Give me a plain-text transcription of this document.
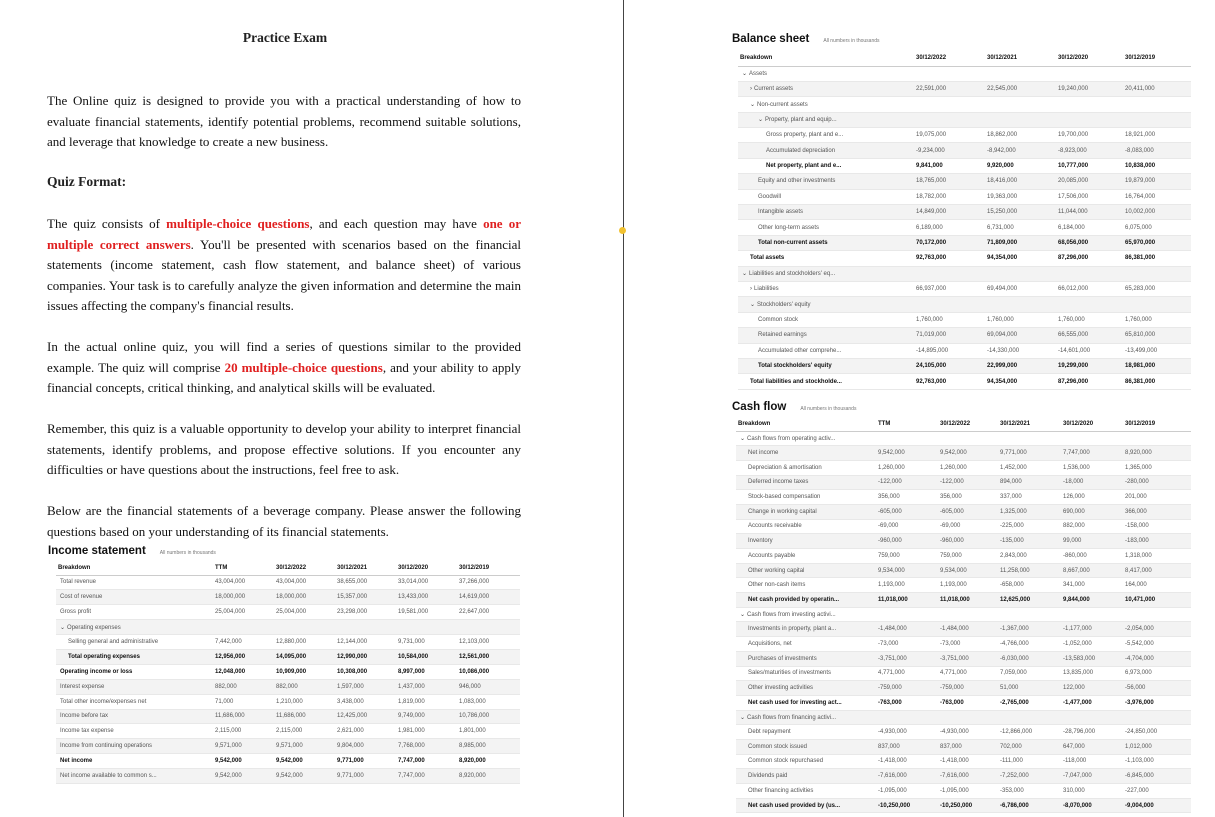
Practice Exam
The Online quiz is designed to provide you with a practical understanding of how to evaluate financial statements, identify potential problems, recommend suitable solutions, and leverage that knowledge to create a new business.
Quiz Format:
The quiz consists of multiple-choice questions, and each question may have one or multiple correct answers. You'll be presented with scenarios based on the financial statements (income statement, cash flow statement, and balance sheet) of various companies. Your task is to carefully analyze the given information and determine the main issues affecting the company's financial results.
In the actual online quiz, you will find a series of questions similar to the provided example. The quiz will comprise 20 multiple-choice questions, and your ability to apply financial concepts, critical thinking, and analytical skills will be evaluated.
Remember, this quiz is a valuable opportunity to develop your ability to interpret financial statements, identify problems, and propose effective solutions. If you encounter any difficulties or have questions about the instructions, feel free to ask.
Below are the financial statements of a beverage company. Please answer the following questions based on your understanding of its financial statements.
Income statement	All numbers in thousands
Breakdown	TTM	30/12/2022	30/12/2021	30/12/2020	30/12/2019
Total revenue	43,004,000	43,004,000	38,655,000	33,014,000	37,266,000
Cost of revenue	18,000,000	18,000,000	15,357,000	13,433,000	14,619,000
Gross profit	25,004,000	25,004,000	23,298,000	19,581,000	22,647,000
⌄ Operating expenses					
Selling general and administrative	7,442,000	12,880,000	12,144,000	9,731,000	12,103,000
Total operating expenses	12,956,000	14,095,000	12,990,000	10,584,000	12,561,000
Operating income or loss	12,048,000	10,909,000	10,308,000	8,997,000	10,086,000
Interest expense	882,000	882,000	1,597,000	1,437,000	946,000
Total other income/expenses net	71,000	1,210,000	3,438,000	1,819,000	1,083,000
Income before tax	11,686,000	11,686,000	12,425,000	9,749,000	10,786,000
Income tax expense	2,115,000	2,115,000	2,621,000	1,981,000	1,801,000
Income from continuing operations	9,571,000	9,571,000	9,804,000	7,768,000	8,985,000
Net income	9,542,000	9,542,000	9,771,000	7,747,000	8,920,000
Net income available to common s...	9,542,000	9,542,000	9,771,000	7,747,000	8,920,000
Balance sheet	All numbers in thousands
Breakdown	30/12/2022	30/12/2021	30/12/2020	30/12/2019
⌄ Assets				
› Current assets	22,591,000	22,545,000	19,240,000	20,411,000
⌄ Non-current assets				
⌄ Property, plant and equip...				
Gross property, plant and e...	19,075,000	18,862,000	19,700,000	18,921,000
Accumulated depreciation	-9,234,000	-8,942,000	-8,923,000	-8,083,000
Net property, plant and e...	9,841,000	9,920,000	10,777,000	10,838,000
Equity and other investments	18,765,000	18,416,000	20,085,000	19,879,000
Goodwill	18,782,000	19,363,000	17,506,000	16,764,000
Intangible assets	14,849,000	15,250,000	11,044,000	10,002,000
Other long-term assets	6,189,000	6,731,000	6,184,000	6,075,000
Total non-current assets	70,172,000	71,809,000	68,056,000	65,970,000
Total assets	92,763,000	94,354,000	87,296,000	86,381,000
⌄ Liabilities and stockholders' eq...				
› Liabilities	66,937,000	69,494,000	66,012,000	65,283,000
⌄ Stockholders' equity				
Common stock	1,760,000	1,760,000	1,760,000	1,760,000
Retained earnings	71,019,000	69,094,000	66,555,000	65,810,000
Accumulated other comprehe...	-14,895,000	-14,330,000	-14,601,000	-13,499,000
Total stockholders' equity	24,105,000	22,999,000	19,299,000	18,981,000
Total liabilities and stockholde...	92,763,000	94,354,000	87,296,000	86,381,000
Cash flow	All numbers in thousands
Breakdown	TTM	30/12/2022	30/12/2021	30/12/2020	30/12/2019
⌄ Cash flows from operating activ...					
Net income	9,542,000	9,542,000	9,771,000	7,747,000	8,920,000
Depreciation & amortisation	1,260,000	1,260,000	1,452,000	1,536,000	1,365,000
Deferred income taxes	-122,000	-122,000	894,000	-18,000	-280,000
Stock-based compensation	356,000	356,000	337,000	126,000	201,000
Change in working capital	-605,000	-605,000	1,325,000	690,000	366,000
Accounts receivable	-69,000	-69,000	-225,000	882,000	-158,000
Inventory	-960,000	-960,000	-135,000	99,000	-183,000
Accounts payable	759,000	759,000	2,843,000	-860,000	1,318,000
Other working capital	9,534,000	9,534,000	11,258,000	8,667,000	8,417,000
Other non-cash items	1,193,000	1,193,000	-658,000	341,000	164,000
Net cash provided by operatin...	11,018,000	11,018,000	12,625,000	9,844,000	10,471,000
⌄ Cash flows from investing activi...					
Investments in property, plant a...	-1,484,000	-1,484,000	-1,367,000	-1,177,000	-2,054,000
Acquisitions, net	-73,000	-73,000	-4,766,000	-1,052,000	-5,542,000
Purchases of investments	-3,751,000	-3,751,000	-6,030,000	-13,583,000	-4,704,000
Sales/maturities of investments	4,771,000	4,771,000	7,059,000	13,835,000	6,973,000
Other investing activities	-759,000	-759,000	51,000	122,000	-56,000
Net cash used for investing act...	-763,000	-763,000	-2,765,000	-1,477,000	-3,976,000
⌄ Cash flows from financing activi...					
Debt repayment	-4,930,000	-4,930,000	-12,866,000	-28,796,000	-24,850,000
Common stock issued	837,000	837,000	702,000	647,000	1,012,000
Common stock repurchased	-1,418,000	-1,418,000	-111,000	-118,000	-1,103,000
Dividends paid	-7,616,000	-7,616,000	-7,252,000	-7,047,000	-6,845,000
Other financing activities	-1,095,000	-1,095,000	-353,000	310,000	-227,000
Net cash used provided by (us...	-10,250,000	-10,250,000	-6,786,000	-8,070,000	-9,004,000
